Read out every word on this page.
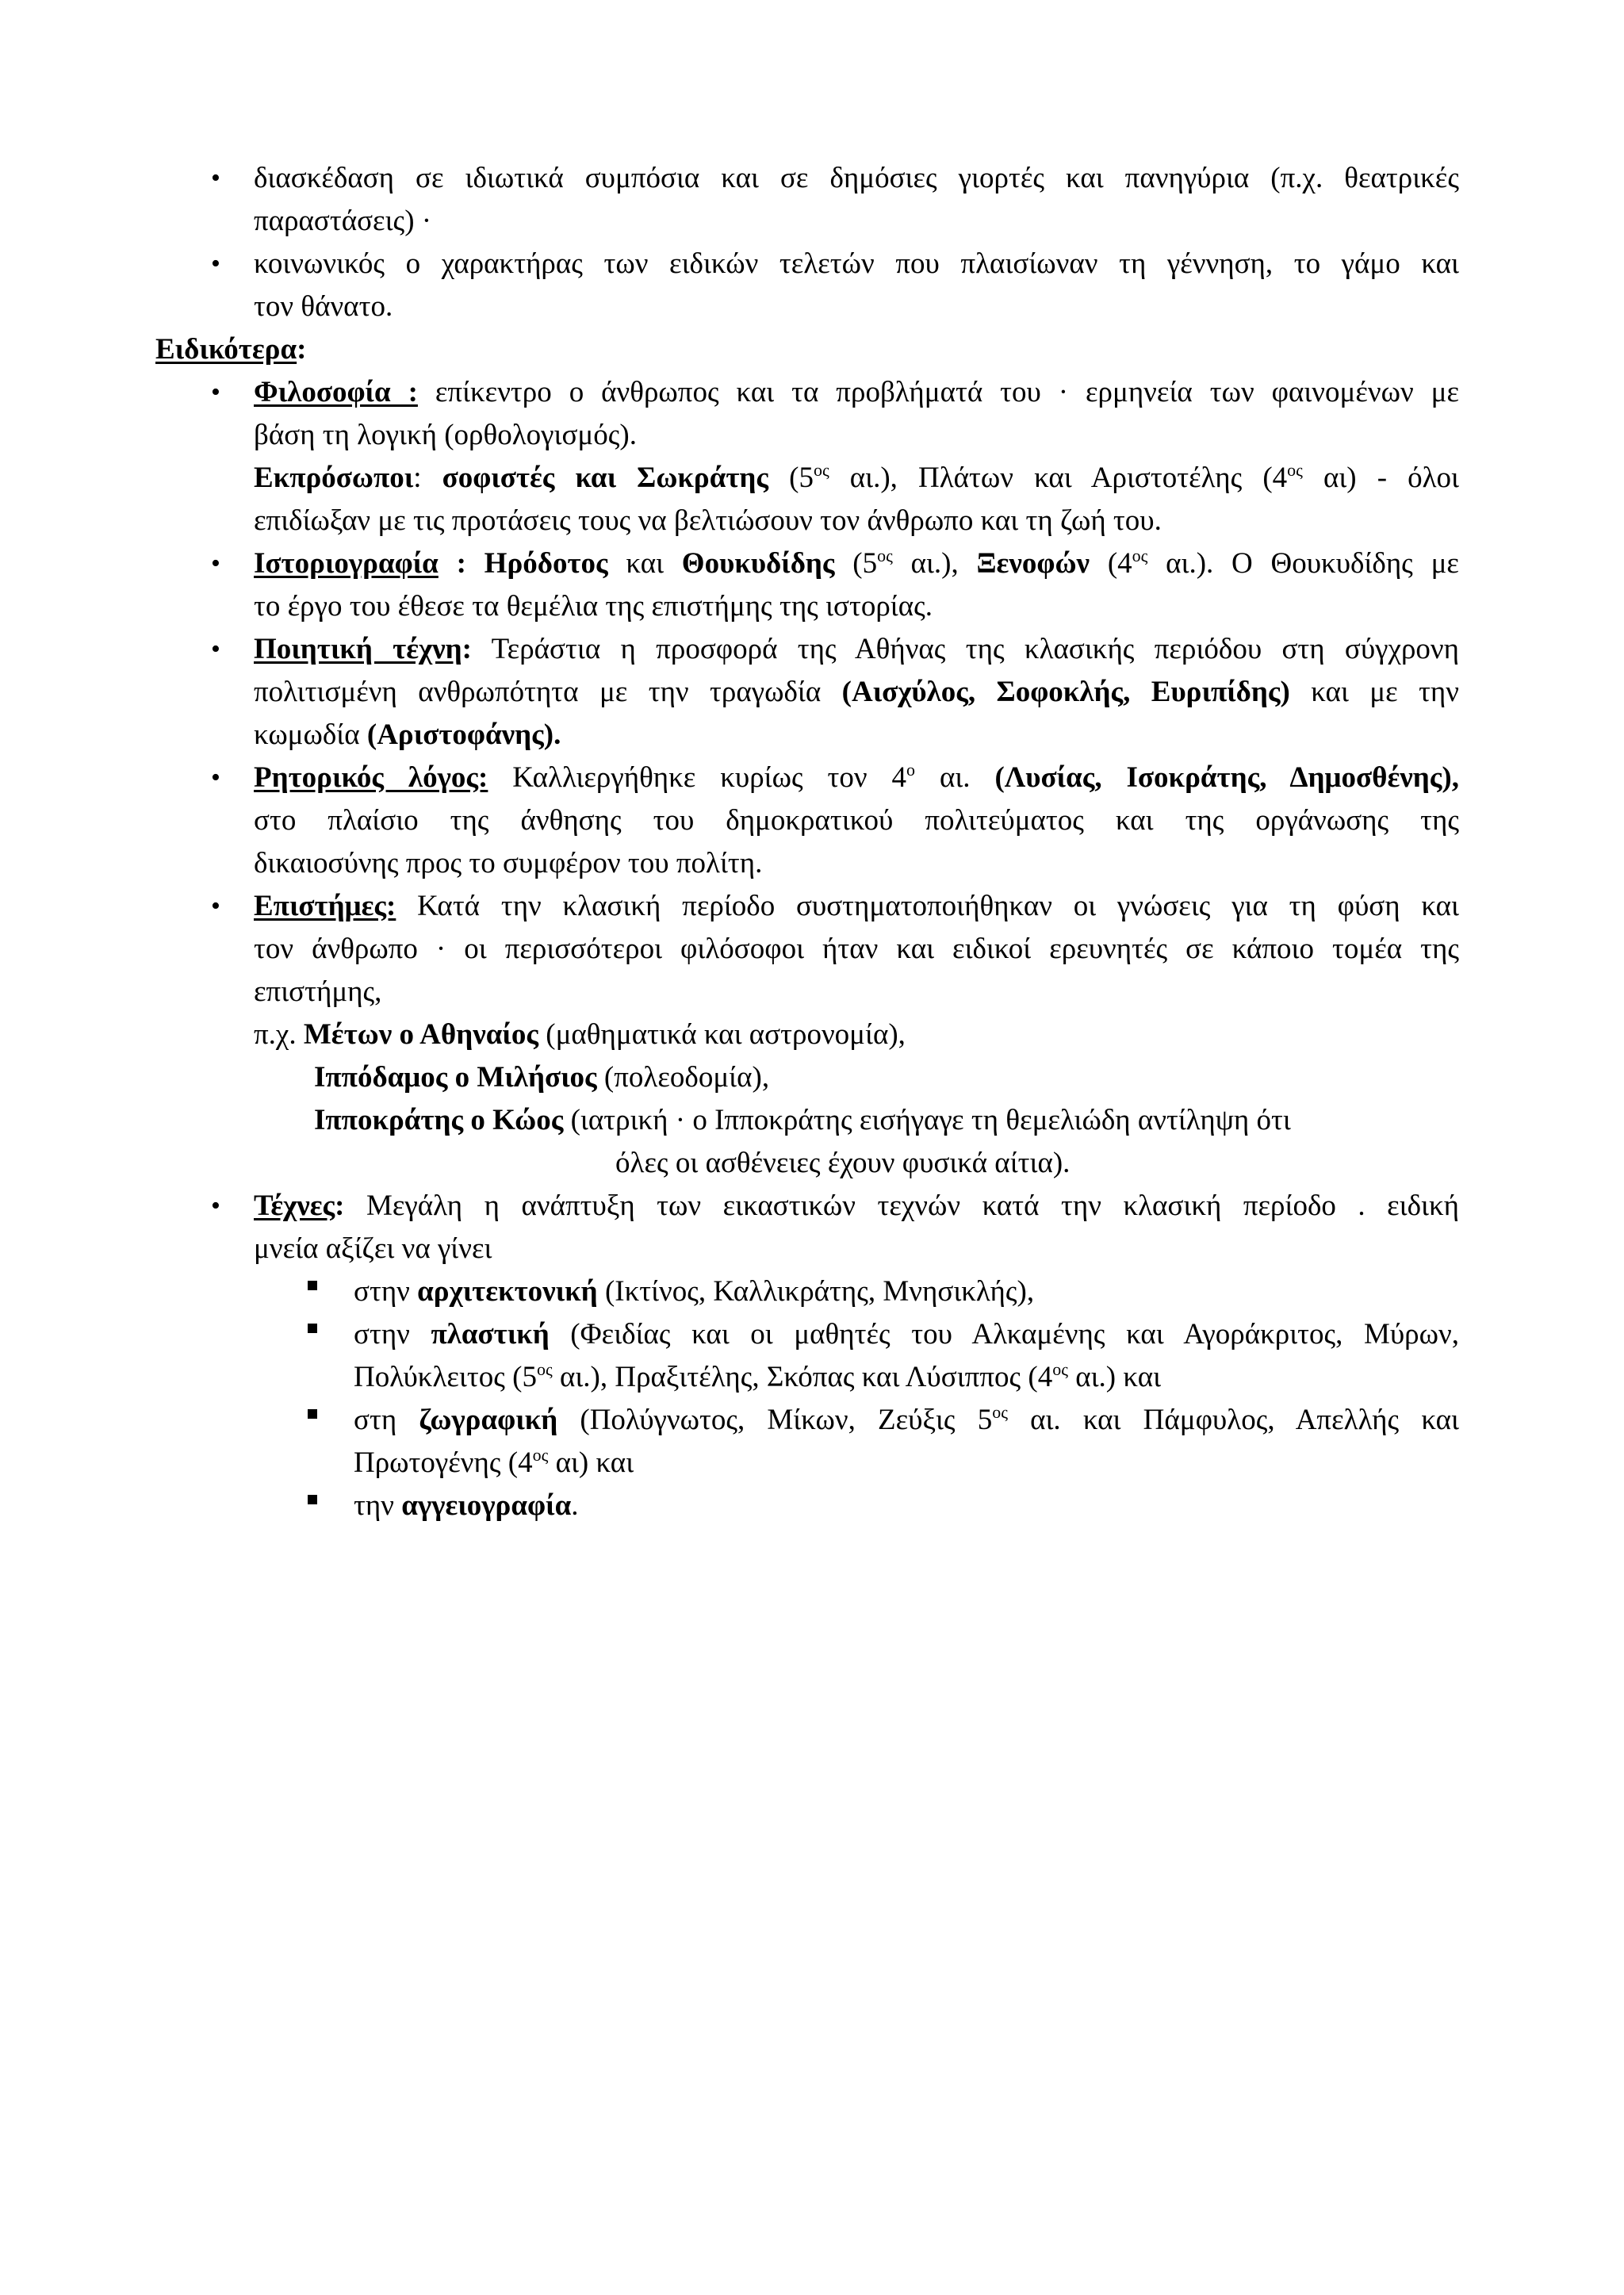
• διασκέδαση σε ιδιωτικά συμπόσια και σε δημόσιες γιορτές και πανηγύρια (π.χ. θεατρικές
παραστάσεις) ·
• κοινωνικός ο χαρακτήρας των ειδικών τελετών που πλαισίωναν τη γέννηση, το γάμο και
τον θάνατο.
Ειδικότερα:
• Φιλοσοφία : επίκεντρο ο άνθρωπος και τα προβλήματά του · ερμηνεία των φαινομένων με
βάση τη λογική (ορθολογισμός).
Εκπρόσωποι: σοφιστές και Σωκράτης ($5^{o\varsigma}$ αι.), Πλάτων και Αριστοτέλης ($4^{o\varsigma}$ αι) - όλοι
επιδίωξαν με τις προτάσεις τους να βελτιώσουν τον άνθρωπο και τη ζωή του.
• Ιστοριογραφία : Ηρόδοτος και Θουκυδίδης ($5^{o\varsigma}$ αι.), Ξενοφών ($4^{o\varsigma}$ αι.). Ο Θουκυδίδης με
το έργο του έθεσε τα θεμέλια της επιστήμης της ιστορίας.
• Ποιητική τέχνη: Τεράστια η προσφορά της Αθήνας της κλασικής περιόδου στη σύγχρονη
πολιτισμένη ανθρωπότητα με την τραγωδία (Αισχύλος, Σοφοκλής, Ευριπίδης) και με την
κωμωδία (Αριστοφάνης).
• Ρητορικός λόγος: Καλλιεργήθηκε κυρίως τον $4^o$ αι. (Λυσίας, Ισοκράτης, Δημοσθένης),
στο πλαίσιο της άνθησης του δημοκρατικού πολιτεύματος και της οργάνωσης της
δικαιοσύνης προς το συμφέρον του πολίτη.
• Επιστήμες: Κατά την κλασική περίοδο συστηματοποιήθηκαν οι γνώσεις για τη φύση και
τον άνθρωπο · οι περισσότεροι φιλόσοφοι ήταν και ειδικοί ερευνητές σε κάποιο τομέα της
επιστήμης,
π.χ. Μέτων ο Αθηναίος (μαθηματικά και αστρονομία),
Ιππόδαμος ο Μιλήσιος (πολεοδομία),
Ιπποκράτης ο Κώος (ιατρική · ο Ιπποκράτης εισήγαγε τη θεμελιώδη αντίληψη ότι
όλες οι ασθένειες έχουν φυσικά αίτια).
• Τέχνες: Μεγάλη η ανάπτυξη των εικαστικών τεχνών κατά την κλασική περίοδο . ειδική
μνεία αξίζει να γίνει
στην αρχιτεκτονική (Ικτίνος, Καλλικράτης, Μνησικλής),
στην πλαστική (Φειδίας και οι μαθητές του Αλκαμένης και Αγοράκριτος, Μύρων,
Πολύκλειτος ($5^{o\varsigma}$ αι.), Πραξιτέλης, Σκόπας και Λύσιππος ($4^{o\varsigma}$ αι.) και
στη ζωγραφική (Πολύγνωτος, Μίκων, Ζεύξις $5^{o\varsigma}$ αι. και Πάμφυλος, Απελλής και
Πρωτογένης ($4^{o\varsigma}$ αι) και
την αγγειογραφία.
